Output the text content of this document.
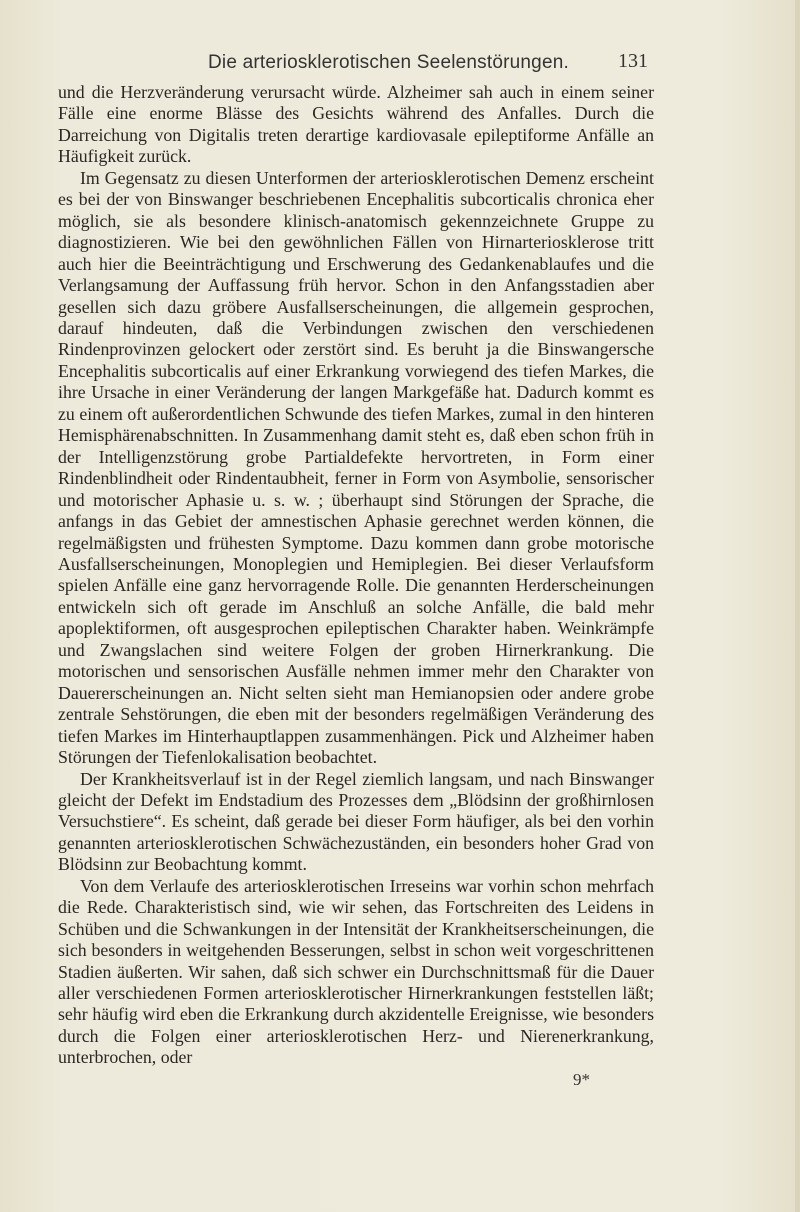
Die arteriosklerotischen Seelenstörungen.	131

und die Herzveränderung verursacht würde. Alzheimer sah auch in einem seiner Fälle eine enorme Blässe des Gesichts während des Anfalles. Durch die Darreichung von Digitalis treten derartige kardiovasale epileptiforme Anfälle an Häufigkeit zurück.

Im Gegensatz zu diesen Unterformen der arteriosklerotischen Demenz erscheint es bei der von Binswanger beschriebenen Encephalitis subcorticalis chronica eher möglich, sie als besondere klinisch-anatomisch gekennzeichnete Gruppe zu diagnostizieren. Wie bei den gewöhnlichen Fällen von Hirnarteriosklerose tritt auch hier die Beeinträchtigung und Erschwerung des Gedankenablaufes und die Verlangsamung der Auffassung früh hervor. Schon in den Anfangsstadien aber gesellen sich dazu gröbere Ausfallserscheinungen, die allgemein gesprochen, darauf hindeuten, daß die Verbindungen zwischen den verschiedenen Rindenprovinzen gelockert oder zerstört sind. Es beruht ja die Binswangersche Encephalitis subcorticalis auf einer Erkrankung vorwiegend des tiefen Markes, die ihre Ursache in einer Veränderung der langen Markgefäße hat. Dadurch kommt es zu einem oft außerordentlichen Schwunde des tiefen Markes, zumal in den hinteren Hemisphärenabschnitten. In Zusammenhang damit steht es, daß eben schon früh in der Intelligenzstörung grobe Partialdefekte hervortreten, in Form einer Rindenblindheit oder Rindentaubheit, ferner in Form von Asymbolie, sensorischer und motorischer Aphasie u. s. w. ; überhaupt sind Störungen der Sprache, die anfangs in das Gebiet der amnestischen Aphasie gerechnet werden können, die regelmäßigsten und frühesten Symptome. Dazu kommen dann grobe motorische Ausfallserscheinungen, Monoplegien und Hemiplegien. Bei dieser Verlaufsform spielen Anfälle eine ganz hervorragende Rolle. Die genannten Herderscheinungen entwickeln sich oft gerade im Anschluß an solche Anfälle, die bald mehr apoplektiformen, oft ausgesprochen epileptischen Charakter haben. Weinkrämpfe und Zwangslachen sind weitere Folgen der groben Hirnerkrankung. Die motorischen und sensorischen Ausfälle nehmen immer mehr den Charakter von Dauererscheinungen an. Nicht selten sieht man Hemianopsien oder andere grobe zentrale Sehstörungen, die eben mit der besonders regelmäßigen Veränderung des tiefen Markes im Hinterhauptlappen zusammenhängen. Pick und Alzheimer haben Störungen der Tiefenlokalisation beobachtet.

Der Krankheitsverlauf ist in der Regel ziemlich langsam, und nach Binswanger gleicht der Defekt im Endstadium des Prozesses dem „Blödsinn der großhirnlosen Versuchstiere“. Es scheint, daß gerade bei dieser Form häufiger, als bei den vorhin genannten arteriosklerotischen Schwächezuständen, ein besonders hoher Grad von Blödsinn zur Beobachtung kommt.

Von dem Verlaufe des arteriosklerotischen Irreseins war vorhin schon mehrfach die Rede. Charakteristisch sind, wie wir sehen, das Fortschreiten des Leidens in Schüben und die Schwankungen in der Intensität der Krankheitserscheinungen, die sich besonders in weitgehenden Besserungen, selbst in schon weit vorgeschrittenen Stadien äußerten. Wir sahen, daß sich schwer ein Durchschnittsmaß für die Dauer aller verschiedenen Formen arteriosklerotischer Hirnerkrankungen feststellen läßt; sehr häufig wird eben die Erkrankung durch akzidentelle Ereignisse, wie besonders durch die Folgen einer arteriosklerotischen Herz- und Nierenerkrankung, unterbrochen, oder

9*
